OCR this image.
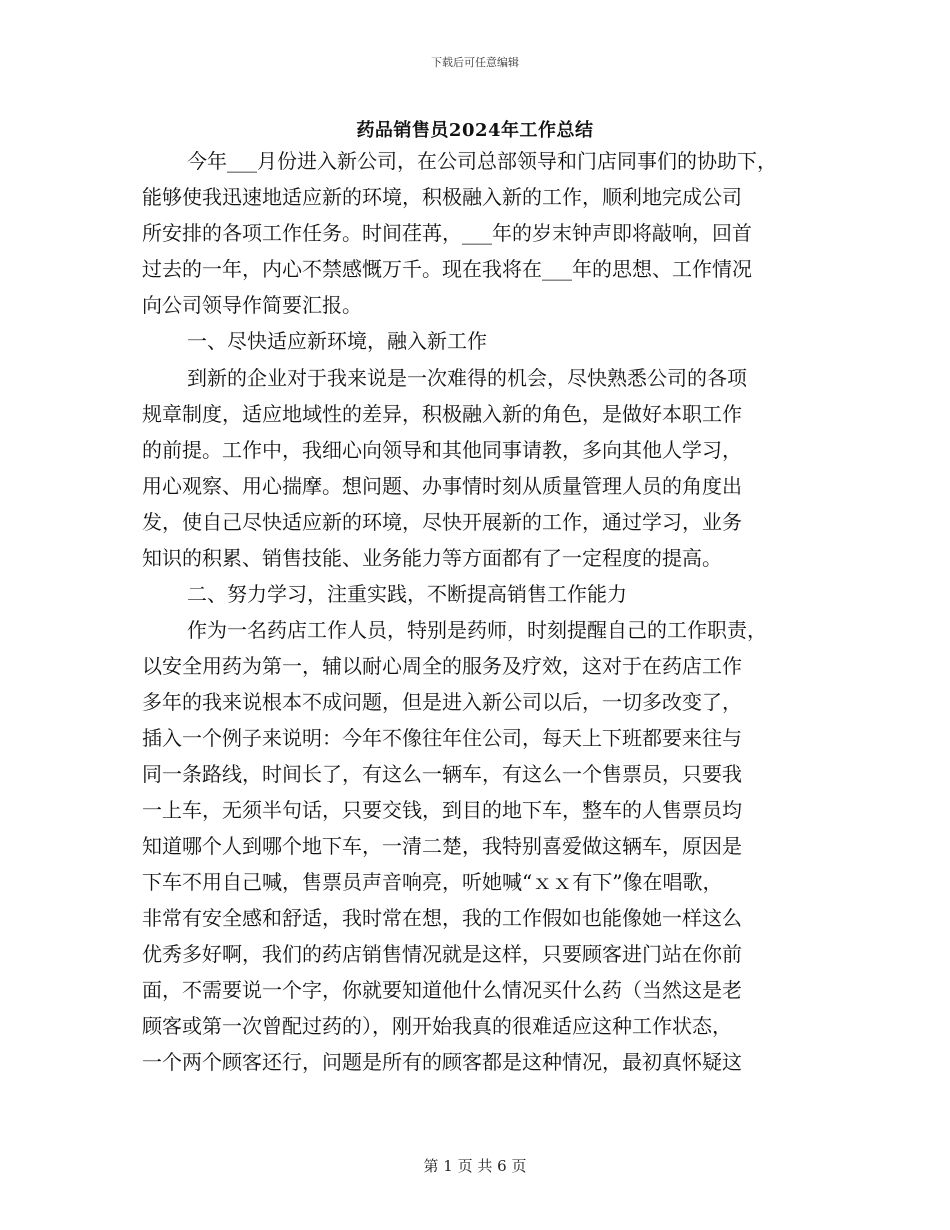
下载后可任意编辑
药品销售员2024年工作总结
今年___月份进入新公司，在公司总部领导和门店同事们的协助下，
能够使我迅速地适应新的环境，积极融入新的工作，顺利地完成公司
所安排的各项工作任务。时间荏苒，___年的岁末钟声即将敲响，回首
过去的一年，内心不禁感慨万千。现在我将在___年的思想、工作情况
向公司领导作简要汇报。
一、尽快适应新环境，融入新工作
到新的企业对于我来说是一次难得的机会，尽快熟悉公司的各项
规章制度，适应地域性的差异，积极融入新的角色，是做好本职工作
的前提。工作中，我细心向领导和其他同事请教，多向其他人学习，
用心观察、用心揣摩。想问题、办事情时刻从质量管理人员的角度出
发，使自己尽快适应新的环境，尽快开展新的工作，通过学习，业务
知识的积累、销售技能、业务能力等方面都有了一定程度的提高。
二、努力学习，注重实践，不断提高销售工作能力
作为一名药店工作人员，特别是药师，时刻提醒自己的工作职责，
以安全用药为第一，辅以耐心周全的服务及疗效，这对于在药店工作
多年的我来说根本不成问题，但是进入新公司以后，一切多改变了，
插入一个例子来说明：今年不像往年住公司，每天上下班都要来往与
同一条路线，时间长了，有这么一辆车，有这么一个售票员，只要我
一上车，无须半句话，只要交钱，到目的地下车，整车的人售票员均
知道哪个人到哪个地下车，一清二楚，我特别喜爱做这辆车，原因是
下车不用自己喊，售票员声音响亮，听她喊“ｘｘ有下”像在唱歌，
非常有安全感和舒适，我时常在想，我的工作假如也能像她一样这么
优秀多好啊，我们的药店销售情况就是这样，只要顾客进门站在你前
面，不需要说一个字，你就要知道他什么情况买什么药（当然这是老
顾客或第一次曾配过药的），刚开始我真的很难适应这种工作状态，
一个两个顾客还行，问题是所有的顾客都是这种情况，最初真怀疑这
第 1 页 共 6 页
